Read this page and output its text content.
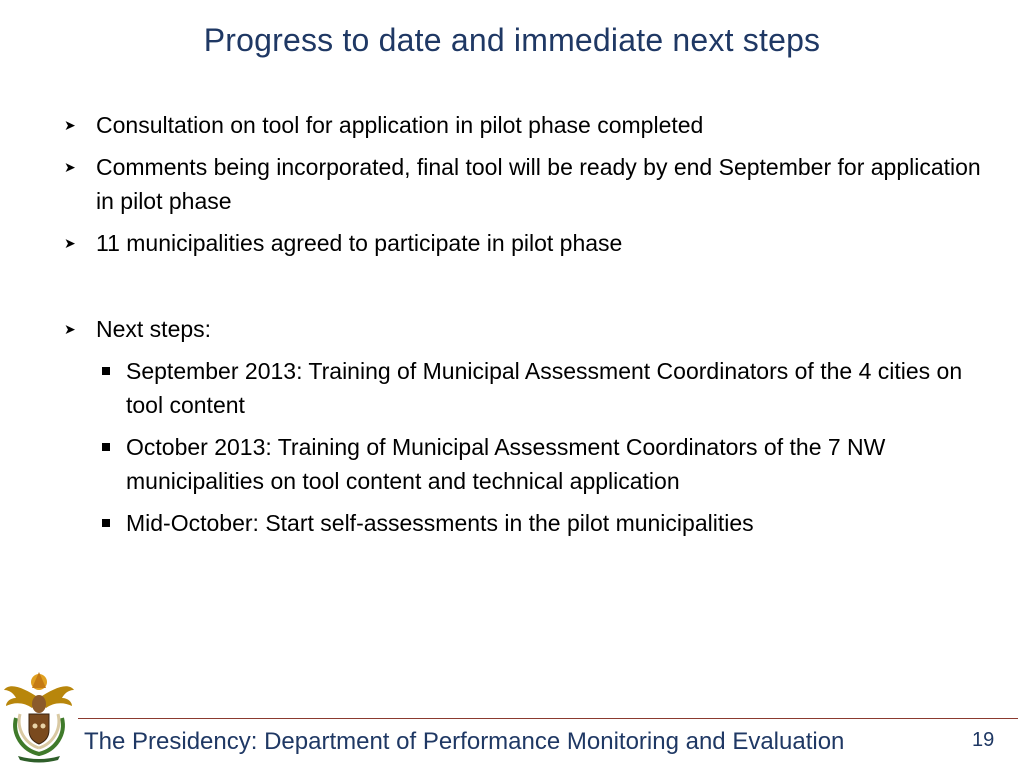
Progress to date and immediate next steps
➤ Consultation on tool for application in pilot phase completed
➤ Comments being incorporated, final tool will be ready by end September for application in pilot phase
➤ 11 municipalities agreed to participate in pilot phase
➤ Next steps:
September 2013: Training of Municipal Assessment Coordinators of the 4 cities on tool content
October 2013: Training of Municipal Assessment Coordinators of the 7 NW municipalities on tool content and technical application
Mid-October: Start self-assessments in the pilot municipalities
The Presidency: Department of Performance Monitoring and Evaluation	19
